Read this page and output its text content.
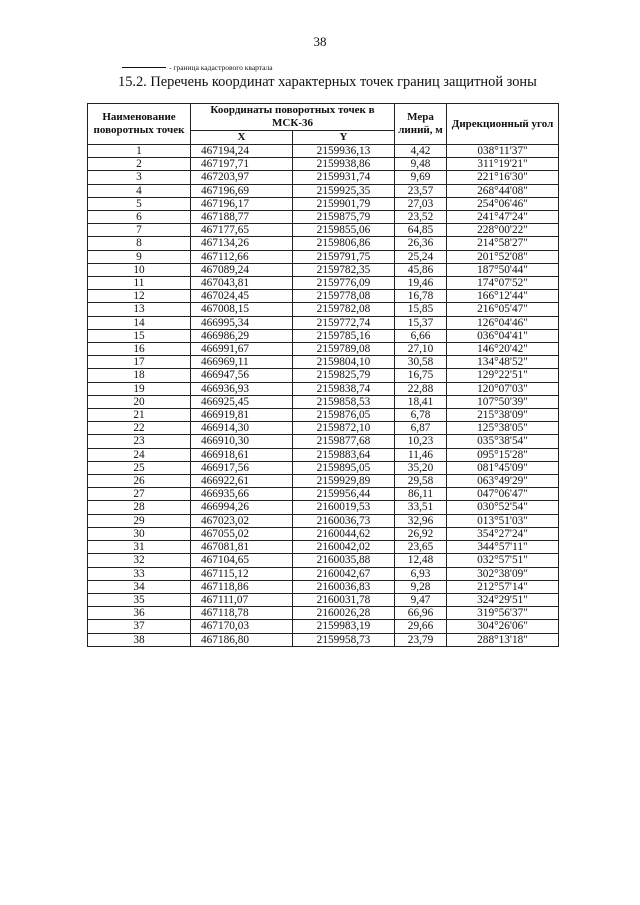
38
- граница кадастрового квартала
15.2. Перечень координат характерных точек границ защитной зоны
Наименование поворотных точек	Координаты поворотных точек в МСК-36		Мера линий, м	Дирекционный угол
	X	Y		
1	467194,24	2159936,13	4,42	038°11'37"
2	467197,71	2159938,86	9,48	311°19'21"
3	467203,97	2159931,74	9,69	221°16'30"
4	467196,69	2159925,35	23,57	268°44'08"
5	467196,17	2159901,79	27,03	254°06'46"
6	467188,77	2159875,79	23,52	241°47'24"
7	467177,65	2159855,06	64,85	228°00'22"
8	467134,26	2159806,86	26,36	214°58'27"
9	467112,66	2159791,75	25,24	201°52'08"
10	467089,24	2159782,35	45,86	187°50'44"
11	467043,81	2159776,09	19,46	174°07'52"
12	467024,45	2159778,08	16,78	166°12'44"
13	467008,15	2159782,08	15,85	216°05'47"
14	466995,34	2159772,74	15,37	126°04'46"
15	466986,29	2159785,16	6,66	036°04'41"
16	466991,67	2159789,08	27,10	146°20'42"
17	466969,11	2159804,10	30,58	134°48'52"
18	466947,56	2159825,79	16,75	129°22'51"
19	466936,93	2159838,74	22,88	120°07'03"
20	466925,45	2159858,53	18,41	107°50'39"
21	466919,81	2159876,05	6,78	215°38'09"
22	466914,30	2159872,10	6,87	125°38'05"
23	466910,30	2159877,68	10,23	035°38'54"
24	466918,61	2159883,64	11,46	095°15'28"
25	466917,56	2159895,05	35,20	081°45'09"
26	466922,61	2159929,89	29,58	063°49'29"
27	466935,66	2159956,44	86,11	047°06'47"
28	466994,26	2160019,53	33,51	030°52'54"
29	467023,02	2160036,73	32,96	013°51'03"
30	467055,02	2160044,62	26,92	354°27'24"
31	467081,81	2160042,02	23,65	344°57'11"
32	467104,65	2160035,88	12,48	032°57'51"
33	467115,12	2160042,67	6,93	302°38'09"
34	467118,86	2160036,83	9,28	212°57'14"
35	467111,07	2160031,78	9,47	324°29'51"
36	467118,78	2160026,28	66,96	319°56'37"
37	467170,03	2159983,19	29,66	304°26'06"
38	467186,80	2159958,73	23,79	288°13'18"
